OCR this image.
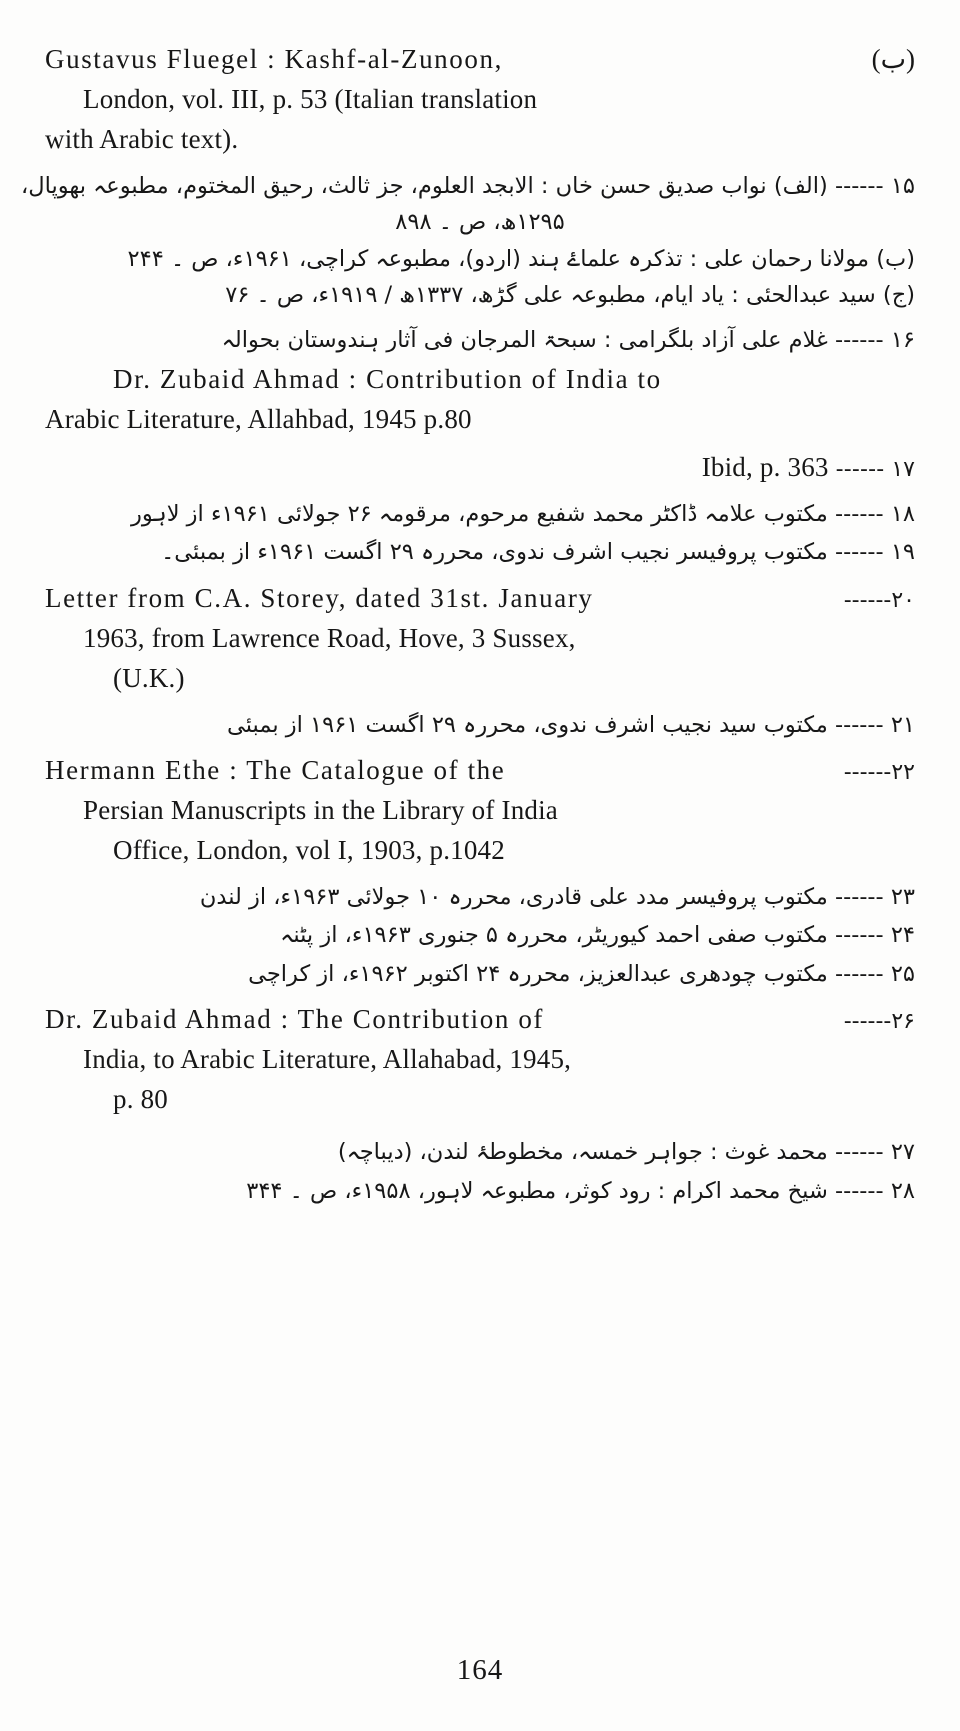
Gustavus Fluegel : Kashf-al-Zunoon,	(ب)
London, vol. III, p. 53 (Italian translation
with Arabic text).
۱۵ ------ (الف) نواب صدیق حسن خاں : الابجد العلوم، جز ثالث، رحیق المختوم، مطبوعہ بھوپال،
۱۲۹۵ھ، ص ۔ ۸۹۸
(ب) مولانا رحمان علی : تذکرہ علماۓ ہند (اردو)، مطبوعہ کراچی، ۱۹۶۱ء، ص ۔ ۲۴۴
(ج) سید عبدالحئی : یاد ایام، مطبوعہ علی گڑھ، ۱۳۳۷ھ / ۱۹۱۹ء، ص ۔ ۷۶
۱۶ ------ غلام علی آزاد بلگرامی : سبحۃ المرجان فی آثار ہندوستان بحوالہ
Dr. Zubaid Ahmad : Contribution of India to
Arabic Literature, Allahbad, 1945 p.80
Ibid, p. 363 ------ ۱۷
۱۸ ------ مکتوب علامہ ڈاکٹر محمد شفیع مرحوم، مرقومہ ۲۶ جولائی ۱۹۶۱ء از لاہور
۱۹ ------ مکتوب پروفیسر نجیب اشرف ندوی، محررہ ۲۹ اگست ۱۹۶۱ء از بمبئی۔
Letter from C.A. Storey, dated 31st. January	------۲۰
1963, from Lawrence Road, Hove, 3 Sussex,
(U.K.)
۲۱ ------ مکتوب سید نجیب اشرف ندوی، محررہ ۲۹ اگست ۱۹۶۱ از بمبئی
Hermann Ethe : The Catalogue of the	------۲۲
Persian Manuscripts in the Library of India
Office, London, vol I, 1903, p.1042
۲۳ ------ مکتوب پروفیسر مدد علی قادری، محررہ ۱۰ جولائی ۱۹۶۳ء، از لندن
۲۴ ------ مکتوب صفی احمد کیوریٹر، محررہ ۵ جنوری ۱۹۶۳ء، از پٹنہ
۲۵ ------ مکتوب چودھری عبدالعزیز، محررہ ۲۴ اکتوبر ۱۹۶۲ء، از کراچی
Dr. Zubaid Ahmad : The Contribution of	------۲۶
India, to Arabic Literature, Allahabad, 1945,
p. 80
۲۷ ------ محمد غوث : جواہر خمسہ، مخطوطۂ لندن، (دیباچہ)
۲۸ ------ شیخ محمد اکرام : رود کوثر، مطبوعہ لاہور، ۱۹۵۸ء، ص ۔ ۳۴۴
164
